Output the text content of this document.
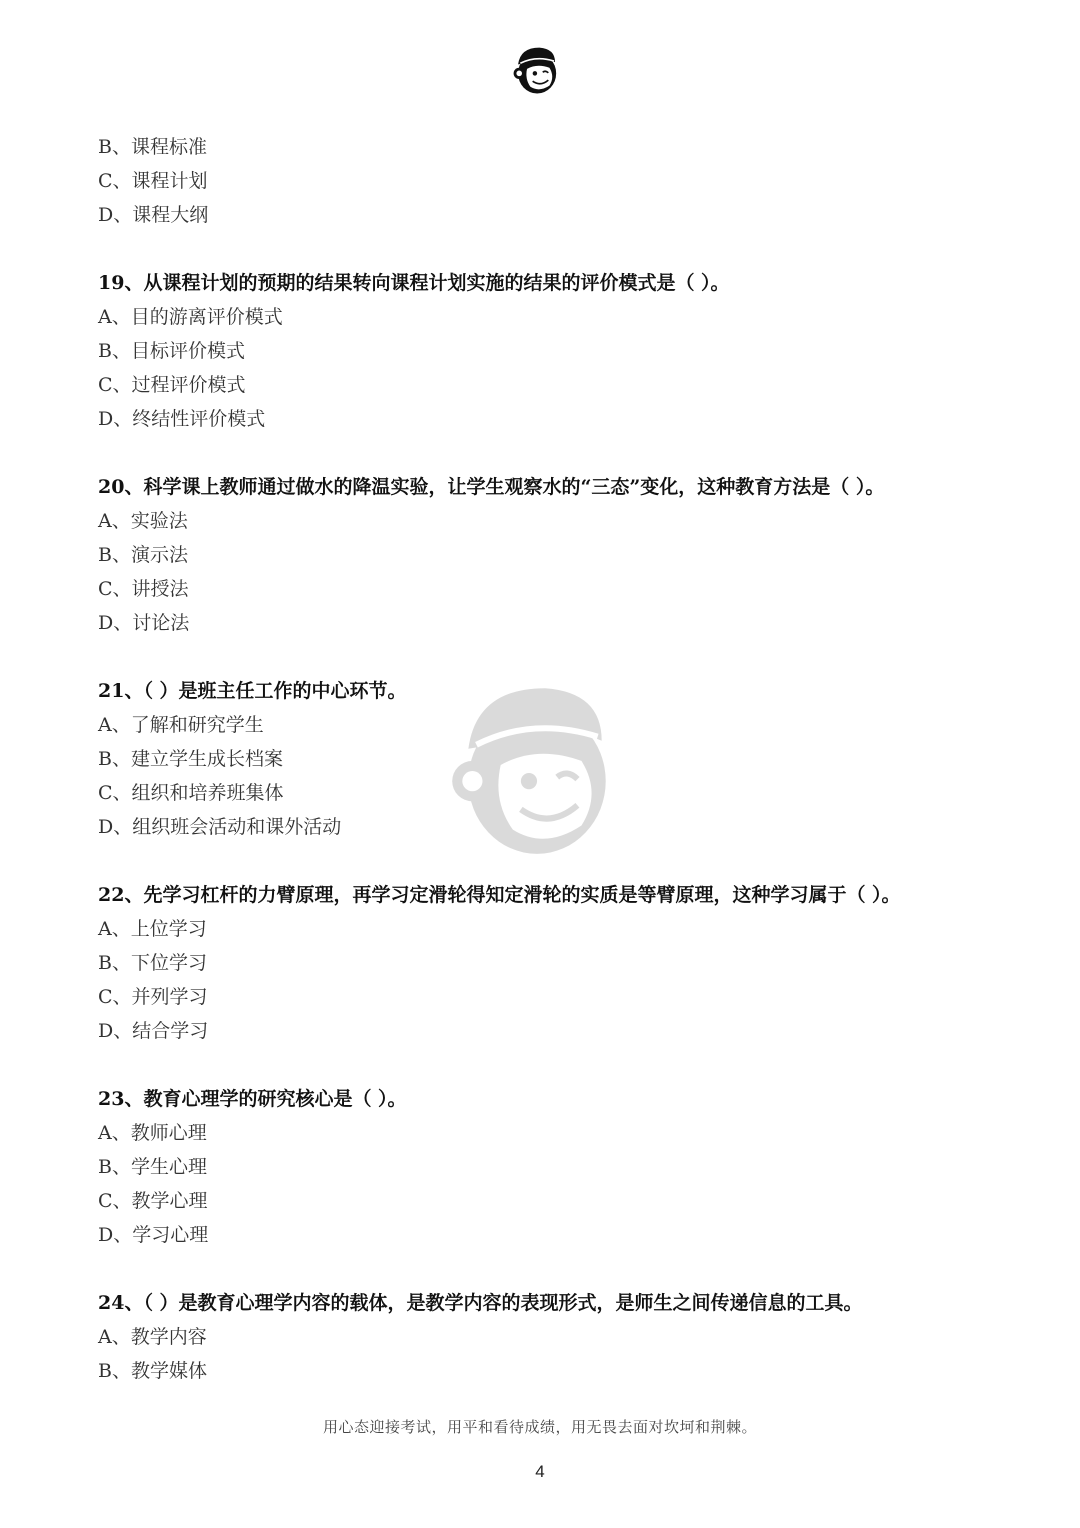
B、课程标准
C、课程计划
D、课程大纲
19、从课程计划的预期的结果转向课程计划实施的结果的评价模式是（ ）。
A、目的游离评价模式
B、目标评价模式
C、过程评价模式
D、终结性评价模式
20、科学课上教师通过做水的降温实验，让学生观察水的“三态”变化，这种教育方法是（ ）。
A、实验法
B、演示法
C、讲授法
D、讨论法
21、（ ）是班主任工作的中心环节。
A、了解和研究学生
B、建立学生成长档案
C、组织和培养班集体
D、组织班会活动和课外活动
22、先学习杠杆的力臂原理，再学习定滑轮得知定滑轮的实质是等臂原理，这种学习属于（ ）。
A、上位学习
B、下位学习
C、并列学习
D、结合学习
23、教育心理学的研究核心是（ ）。
A、教师心理
B、学生心理
C、教学心理
D、学习心理
24、（ ）是教育心理学内容的载体，是教学内容的表现形式，是师生之间传递信息的工具。
A、教学内容
B、教学媒体
用心态迎接考试，用平和看待成绩，用无畏去面对坎坷和荆棘。
4
